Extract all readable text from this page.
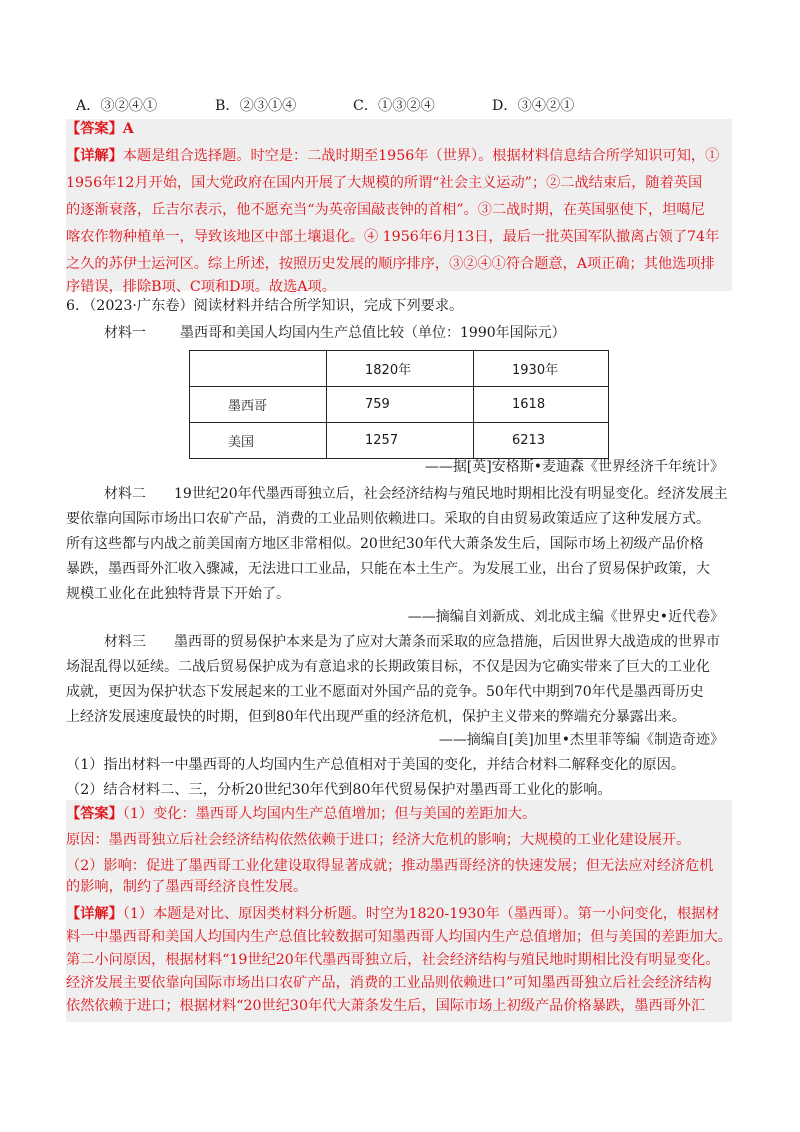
A．③②④①	B．②③①④	C．①③②④	D．③④②①
【答案】A
【详解】本题是组合选择题。时空是：二战时期至1956年（世界）。根据材料信息结合所学知识可知，①
1956年12月开始，国大党政府在国内开展了大规模的所谓“社会主义运动”；②二战结束后，随着英国
的逐渐衰落，丘吉尔表示，他不愿充当“为英帝国敲丧钟的首相”。③二战时期，在英国驱使下，坦噶尼
喀农作物种植单一，导致该地区中部土壤退化。④ 1956年6月13日，最后一批英国军队撤离占领了74年
之久的苏伊士运河区。综上所述，按照历史发展的顺序排序，③②④①符合题意，A项正确；其他选项排
序错误，排除B项、C项和D项。故选A项。
6．（2023·广东卷）阅读材料并结合所学知识，完成下列要求。
材料一 墨西哥和美国人均国内生产总值比较（单位：1990年国际元）
	1820年	1930年
墨西哥	759	1618
美国	1257	6213
——据[英]安格斯•麦迪森《世界经济千年统计》
材料二　　19世纪20年代墨西哥独立后，社会经济结构与殖民地时期相比没有明显变化。经济发展主
要依靠向国际市场出口农矿产品，消费的工业品则依赖进口。采取的自由贸易政策适应了这种发展方式。
所有这些都与内战之前美国南方地区非常相似。20世纪30年代大萧条发生后，国际市场上初级产品价格
暴跌，墨西哥外汇收入骤减，无法进口工业品，只能在本土生产。为发展工业，出台了贸易保护政策，大
规模工业化在此独特背景下开始了。
——摘编自刘新成、刘北成主编《世界史•近代卷》
材料三　　墨西哥的贸易保护本来是为了应对大萧条而采取的应急措施，后因世界大战造成的世界市
场混乱得以延续。二战后贸易保护成为有意追求的长期政策目标，不仅是因为它确实带来了巨大的工业化
成就，更因为保护状态下发展起来的工业不愿面对外国产品的竞争。50年代中期到70年代是墨西哥历史
上经济发展速度最快的时期，但到80年代出现严重的经济危机，保护主义带来的弊端充分暴露出来。
——摘编自[美]加里•杰里菲等编《制造奇迹》
（1）指出材料一中墨西哥的人均国内生产总值相对于美国的变化，并结合材料二解释变化的原因。
（2）结合材料二、三，分析20世纪30年代到80年代贸易保护对墨西哥工业化的影响。
【答案】（1）变化：墨西哥人均国内生产总值增加；但与美国的差距加大。
原因：墨西哥独立后社会经济结构依然依赖于进口；经济大危机的影响；大规模的工业化建设展开。
（2）影响：促进了墨西哥工业化建设取得显著成就；推动墨西哥经济的快速发展；但无法应对经济危机
的影响，制约了墨西哥经济良性发展。
【详解】（1）本题是对比、原因类材料分析题。时空为1820-1930年（墨西哥）。第一小问变化，根据材
料一中墨西哥和美国人均国内生产总值比较数据可知墨西哥人均国内生产总值增加；但与美国的差距加大。
第二小问原因，根据材料“19世纪20年代墨西哥独立后，社会经济结构与殖民地时期相比没有明显变化。
经济发展主要依靠向国际市场出口农矿产品，消费的工业品则依赖进口”可知墨西哥独立后社会经济结构
依然依赖于进口；根据材料“20世纪30年代大萧条发生后，国际市场上初级产品价格暴跌，墨西哥外汇
